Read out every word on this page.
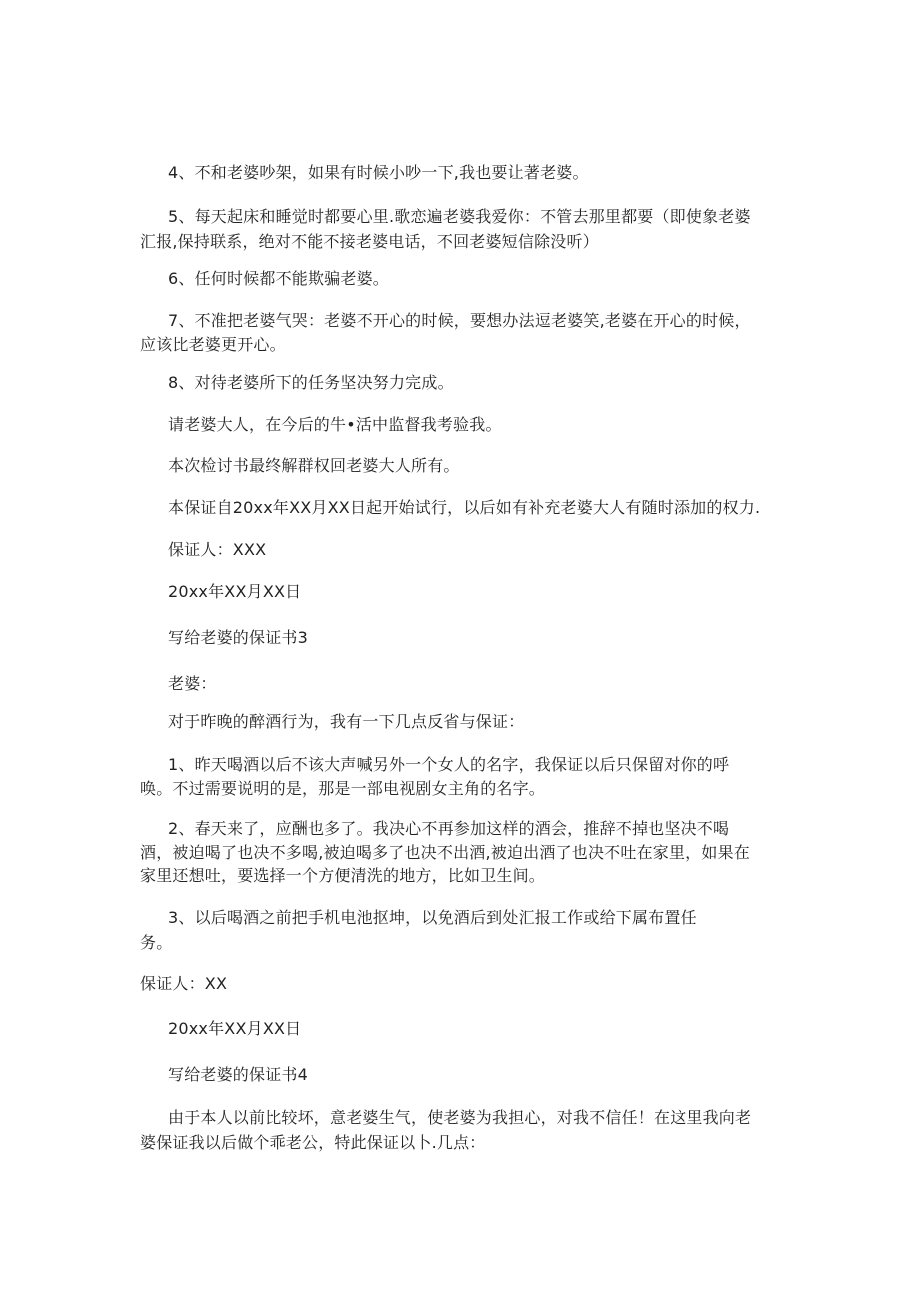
4、不和老婆吵架，如果有时候小吵一下,我也要让著老婆。
5、每天起床和睡觉时都要心里.歌恋遍老婆我爱你：不管去那里都要（即使象老婆
汇报,保持联系，绝对不能不接老婆电话，不回老婆短信除没听）
6、任何时候都不能欺骗老婆。
7、不准把老婆气哭：老婆不开心的时候，要想办法逗老婆笑,老婆在开心的时候，
应该比老婆更开心。
8、对待老婆所下的任务坚决努力完成。
请老婆大人，在今后的牛•活中监督我考验我。
本次检讨书最终解群权回老婆大人所有。
本保证自20xx年XX月XX日起开始试行，以后如有补充老婆大人有随时添加的权力.
保证人：XXX
20xx年XX月XX日
写给老婆的保证书3
老婆：
对于昨晚的醉酒行为，我有一下几点反省与保证：
1、昨天喝酒以后不该大声喊另外一个女人的名字，我保证以后只保留对你的呼
唤。不过需要说明的是，那是一部电视剧女主角的名字。
2、春天来了，应酬也多了。我决心不再参加这样的酒会，推辞不掉也坚决不喝
酒，被迫喝了也决不多喝,被迫喝多了也决不出酒,被迫出酒了也决不吐在家里，如果在
家里还想吐，要选择一个方便清洗的地方，比如卫生间。
3、以后喝酒之前把手机电池抠坤，以免酒后到处汇报工作或给下属布置任
务。
保证人：XX
20xx年XX月XX日
写给老婆的保证书4
由于本人以前比较坏，意老婆生气，使老婆为我担心，对我不信任！在这里我向老
婆保证我以后做个乖老公，特此保证以卜.几点：
